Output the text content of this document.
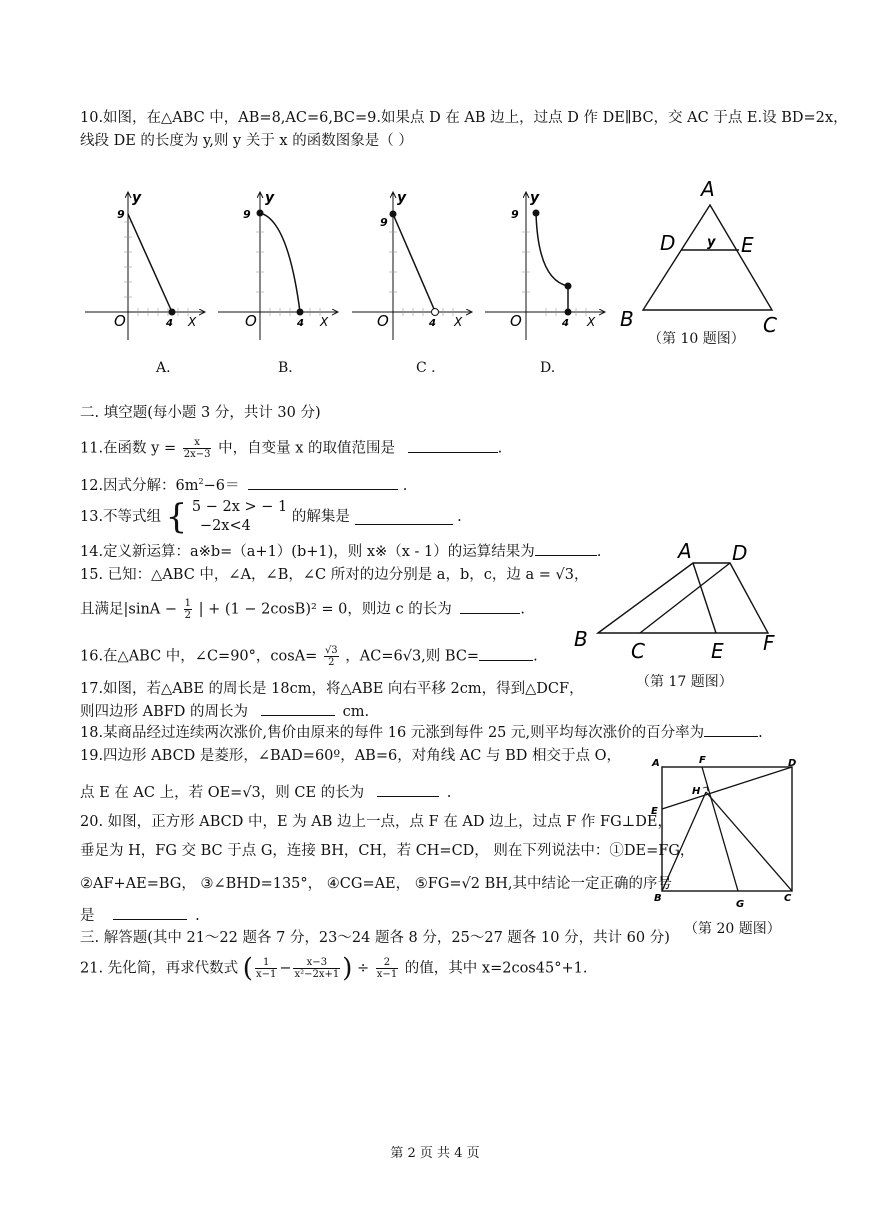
10.如图，在△ABC 中，AB=8,AC=6,BC=9.如果点 D 在 AB 边上，过点 D 作 DE∥BC，交 AC 于点 E.设 BD=2x，
线段 DE 的长度为 y,则 y 关于 x 的函数图象是（ ）
y
9
O	4 X
y
9
O	4 X
y
9
O	4 X
y
9
O	4 X
A
D	E
y
B	C
（第 10 题图）
A.	B.	C .	D.
二. 填空题(每小题 3 分，共计 30 分)
11.在函数 $y = \frac{x}{2x-3}$ 中，自变量 x 的取值范围是	.
12.因式分解：$6m^2-6=$	.
13.不等式组 { 5 − 2x > − 1
−2x<4
的解集是	.
14.定义新运算：a※b=（a+1）(b+1)，则 x※（x - 1）的运算结果为	.
15. 已知：△ABC 中，∠A，∠B，∠C 所对的边分别是 a，b，c，边 a = √3，
且满足$|\sin A - \frac{1}{2}$ | + (1 − 2cosB)² = 0，则边 c 的长为	.
A D
B C	E F
（第 17 题图）
16.在△ABC 中，∠C=90°，$\cos A= \frac{√3}{2}$ ，AC=6√3,则 BC=	.
17.如图，若△ABE 的周长是 18cm，将△ABE 向右平移 2cm，得到△DCF，
则四边形 ABFD 的周长为	cm.
18.某商品经过连续两次涨价,售价由原来的每件 16 元涨到每件 25 元,则平均每次涨价的百分率为	.
19.四边形 ABCD 是菱形，∠BAD=60º，AB=6，对角线 AC 与 BD 相交于点 O，
点 E 在 AC 上，若 OE=√3，则 CE 的长为	.
A	F	D
H
E
B
G
C
（第 20 题图）
20. 如图，正方形 ABCD 中，E 为 AB 边上一点，点 F 在 AD 边上，过点 F 作 FG⊥DE，
垂足为 H，FG 交 BC 于点 G，连接 BH，CH，若 CH=CD， 则在下列说法中：①DE=FG，
②AF+AE=BG， ③∠BHD=135°， ④CG=AE， ⑤FG=√2 BH,其中结论一定正确的序号
是	.
三. 解答题(其中 21～22 题各 7 分，23～24 题各 8 分，25～27 题各 10 分，共计 60 分)
21. 先化简，再求代数式 ( $\frac{1}{x-1} - \frac{x-3}{\text{x²−2x+1}}$ ) ÷ $\frac{2}{x-1}$ 的值，其中 x=2cos45°+1.
第 2 页 共 4 页
